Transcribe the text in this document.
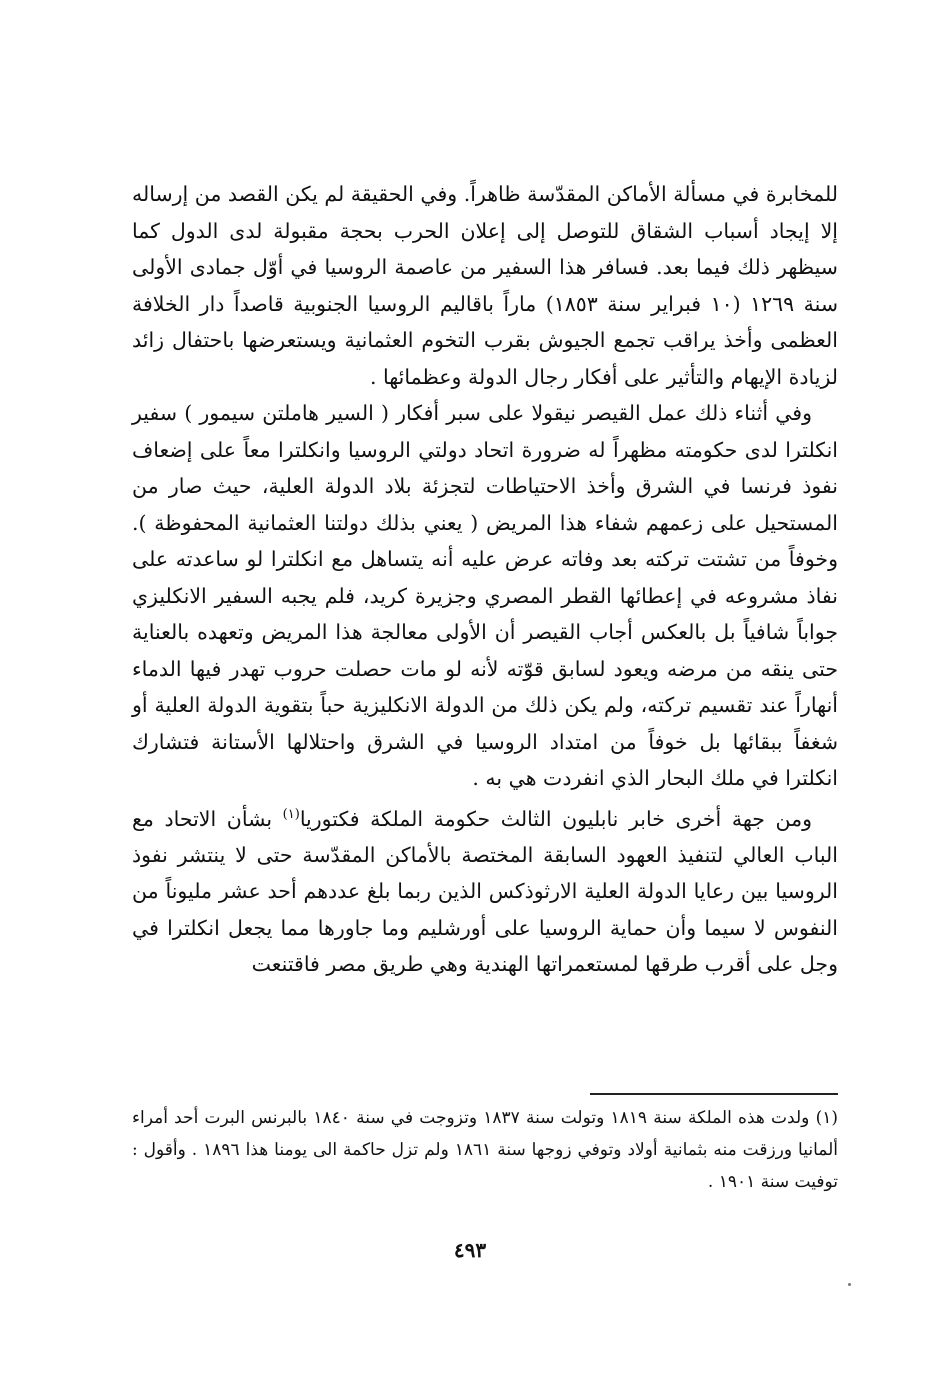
للمخابرة في مسألة الأماكن المقدّسة ظاهراً. وفي الحقيقة لم يكن القصد من إرساله إلا إيجاد أسباب الشقاق للتوصل إلى إعلان الحرب بحجة مقبولة لدى الدول كما سيظهر ذلك فيما بعد. فسافر هذا السفير من عاصمة الروسيا في أوّل جمادى الأولى سنة ١٢٦٩ (١٠ فبراير سنة ١٨٥٣) ماراً باقاليم الروسيا الجنوبية قاصداً دار الخلافة العظمى وأخذ يراقب تجمع الجيوش بقرب التخوم العثمانية ويستعرضها باحتفال زائد لزيادة الإيهام والتأثير على أفكار رجال الدولة وعظمائها .

وفي أثناء ذلك عمل القيصر نيقولا على سبر أفكار ( السير هاملتن سيمور ) سفير انكلترا لدى حكومته مظهراً له ضرورة اتحاد دولتي الروسيا وانكلترا معاً على إضعاف نفوذ فرنسا في الشرق وأخذ الاحتياطات لتجزئة بلاد الدولة العلية، حيث صار من المستحيل على زعمهم شفاء هذا المريض ( يعني بذلك دولتنا العثمانية المحفوظة ). وخوفاً من تشتت تركته بعد وفاته عرض عليه أنه يتساهل مع انكلترا لو ساعدته على نفاذ مشروعه في إعطائها القطر المصري وجزيرة كريد، فلم يجبه السفير الانكليزي جواباً شافياً بل بالعكس أجاب القيصر أن الأولى معالجة هذا المريض وتعهده بالعناية حتى ينقه من مرضه ويعود لسابق قوّته لأنه لو مات حصلت حروب تهدر فيها الدماء أنهاراً عند تقسيم تركته، ولم يكن ذلك من الدولة الانكليزية حباً بتقوية الدولة العلية أو شغفاً ببقائها بل خوفاً من امتداد الروسيا في الشرق واحتلالها الأستانة فتشارك انكلترا في ملك البحار الذي انفردت هي به .

ومن جهة أخرى خابر نابليون الثالث حكومة الملكة فكتوريا$^{(١)}$ بشأن الاتحاد مع الباب العالي لتنفيذ العهود السابقة المختصة بالأماكن المقدّسة حتى لا ينتشر نفوذ الروسيا بين رعايا الدولة العلية الارثوذكس الذين ربما بلغ عددهم أحد عشر مليوناً من النفوس لا سيما وأن حماية الروسيا على أورشليم وما جاورها مما يجعل انكلترا في وجل على أقرب طرقها لمستعمراتها الهندية وهي طريق مصر فاقتنعت

(١) ولدت هذه الملكة سنة ١٨١٩ وتولت سنة ١٨٣٧ وتزوجت في سنة ١٨٤٠ بالبرنس البرت أحد أمراء ألمانيا ورزقت منه بثمانية أولاد وتوفي زوجها سنة ١٨٦١ ولم تزل حاكمة الى يومنا هذا ١٨٩٦ . وأقول : توفيت سنة ١٩٠١ .

٤٩٣
